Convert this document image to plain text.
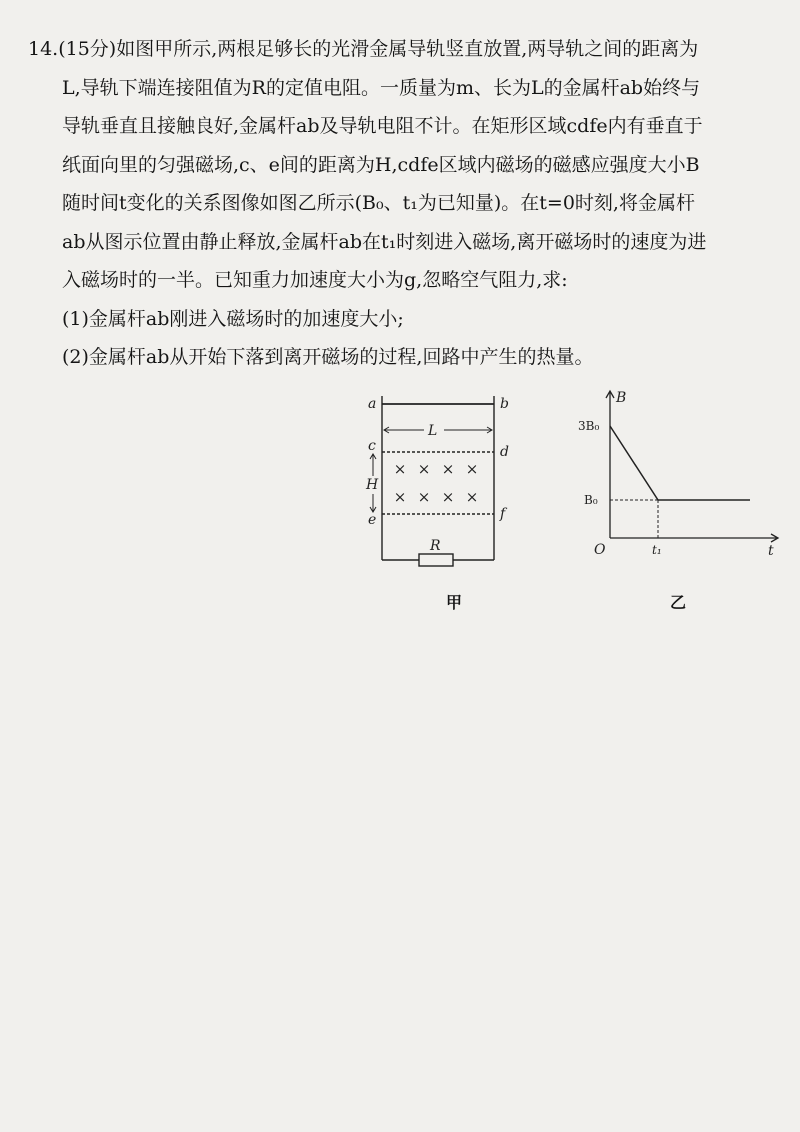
14.(15分)如图甲所示,两根足够长的光滑金属导轨竖直放置,两导轨之间的距离为
L,导轨下端连接阻值为R的定值电阻。一质量为m、长为L的金属杆ab始终与
导轨垂直且接触良好,金属杆ab及导轨电阻不计。在矩形区域cdfe内有垂直于
纸面向里的匀强磁场,c、e间的距离为H,cdfe区域内磁场的磁感应强度大小B
随时间t变化的关系图像如图乙所示(B₀、t₁为已知量)。在t=0时刻,将金属杆
ab从图示位置由静止释放,金属杆ab在t₁时刻进入磁场,离开磁场时的速度为进
入磁场时的一半。已知重力加速度大小为g,忽略空气阻力,求:
(1)金属杆ab刚进入磁场时的加速度大小;
(2)金属杆ab从开始下落到离开磁场的过程,回路中产生的热量。
× × × ×
× × × ×
a	b
c	d
e	f
L
H
R
甲
B
t
O
3B₀
B₀
t₁
乙
